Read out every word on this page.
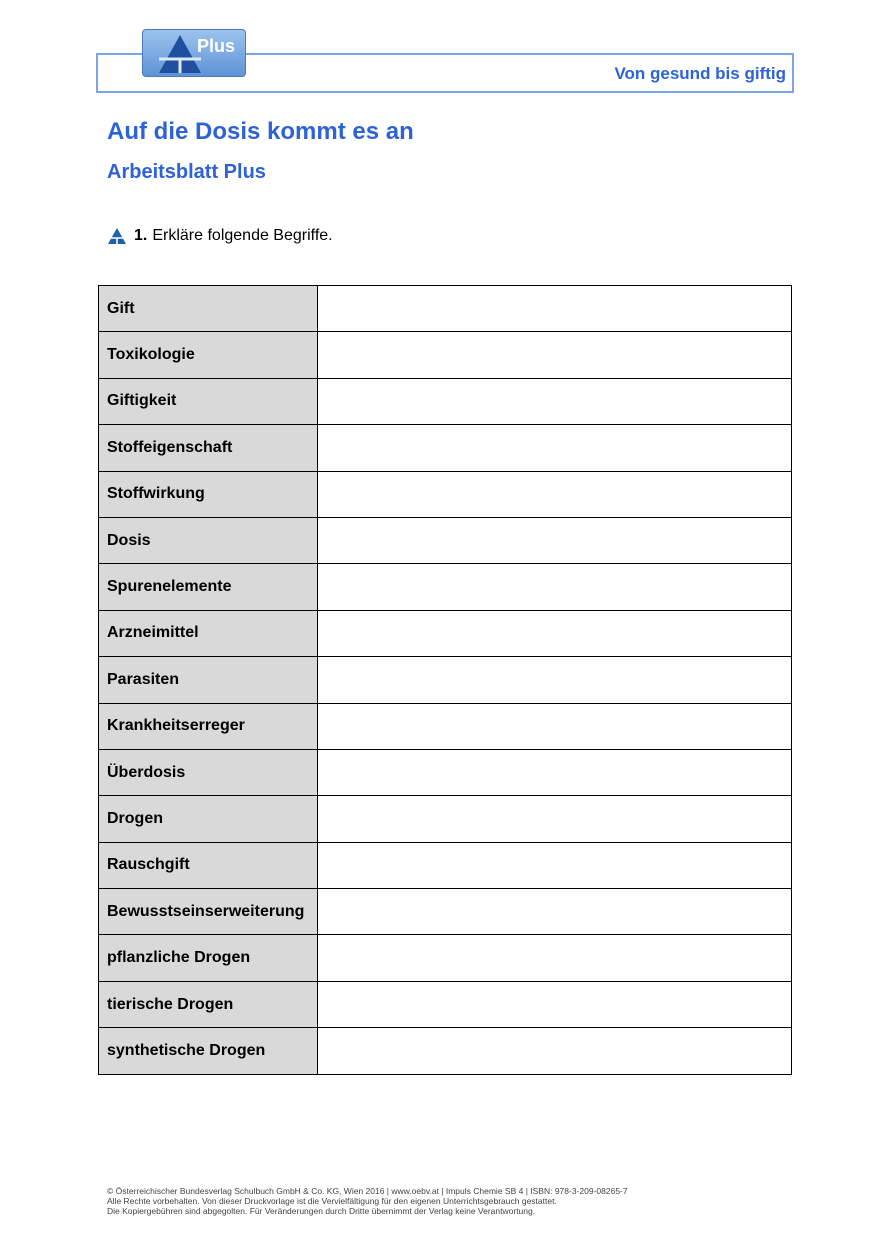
Von gesund bis giftig
Plus
Auf die Dosis kommt es an
Arbeitsblatt Plus
1. Erkläre folgende Begriffe.
Gift	
Toxikologie	
Giftigkeit	
Stoffeigenschaft	
Stoffwirkung	
Dosis	
Spurenelemente	
Arzneimittel	
Parasiten	
Krankheitserreger	
Überdosis	
Drogen	
Rauschgift	
Bewusstseinserweiterung	
pflanzliche Drogen	
tierische Drogen	
synthetische Drogen	
© Österreichischer Bundesverlag Schulbuch GmbH & Co. KG, Wien 2016 | www.oebv.at | Impuls Chemie SB 4 | ISBN: 978-3-209-08265-7
Alle Rechte vorbehalten. Von dieser Druckvorlage ist die Vervielfältigung für den eigenen Unterrichtsgebrauch gestattet.
Die Kopiergebühren sind abgegolten. Für Veränderungen durch Dritte übernimmt der Verlag keine Verantwortung.
